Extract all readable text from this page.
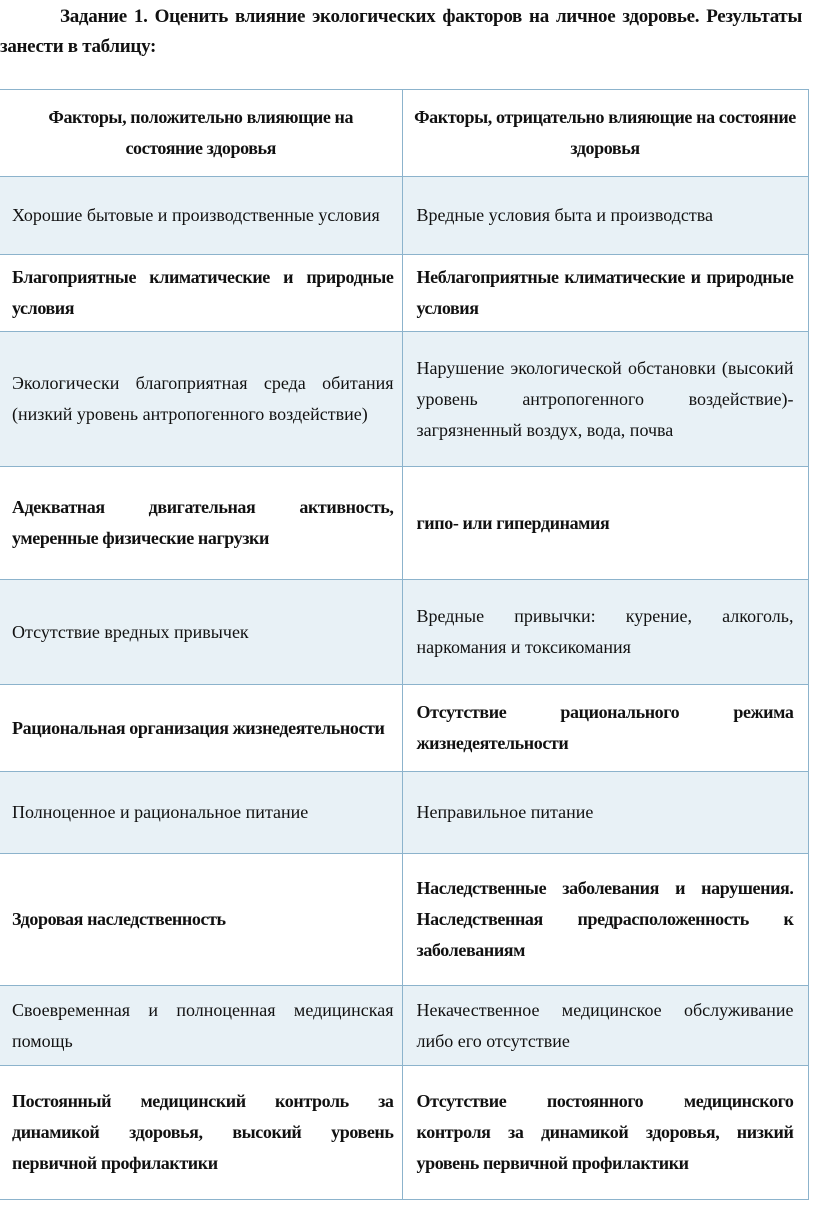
Задание 1. Оценить влияние экологических факторов на личное здоровье. Результаты занести в таблицу:
Факторы, положительно влияющие на состояние здоровья	Факторы, отрицательно влияющие на состояние здоровья
Хорошие бытовые и производственные условия	Вредные условия быта и производства
Благоприятные климатические и природные условия	Неблагоприятные климатические и природные условия
Экологически благоприятная среда обитания (низкий уровень антропогенного воздействие)	Нарушение экологической обстановки (высокий уровень антропогенного воздействие)- загрязненный воздух, вода, почва
Адекватная двигательная активность, умеренные физические нагрузки	гипо- или гипердинамия
Отсутствие вредных привычек	Вредные привычки: курение, алкоголь, наркомания и токсикомания
Рациональная организация жизнедеятельности	Отсутствие рационального режима жизнедеятельности
Полноценное и рациональное питание	Неправильное питание
Здоровая наследственность	Наследственные заболевания и нарушения. Наследственная предрасположенность к заболеваниям
Своевременная и полноценная медицинская помощь	Некачественное медицинское обслуживание либо его отсутствие
Постоянный медицинский контроль за динамикой здоровья, высокий уровень первичной профилактики	Отсутствие постоянного медицинского контроля за динамикой здоровья, низкий уровень первичной профилактики
